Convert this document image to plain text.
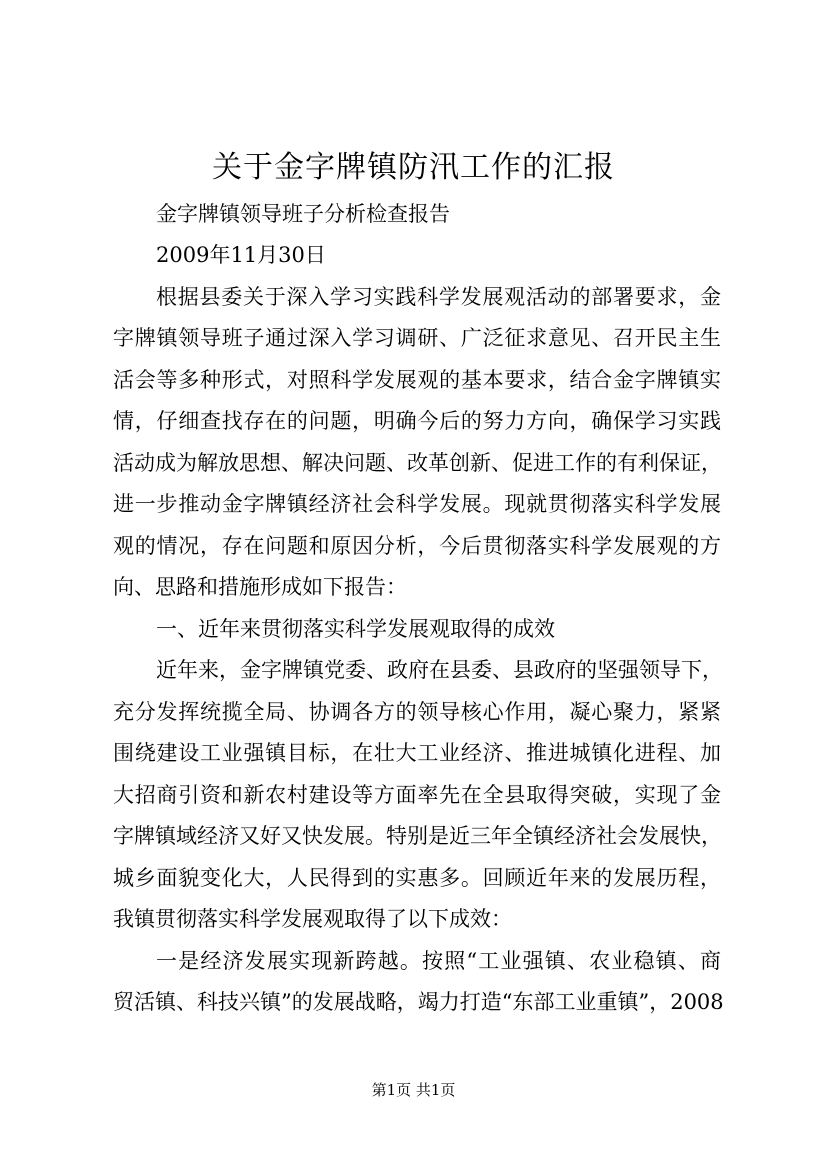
关于金字牌镇防汛工作的汇报
金字牌镇领导班子分析检查报告
2009年11月30日
根据县委关于深入学习实践科学发展观活动的部署要求，金
字牌镇领导班子通过深入学习调研、广泛征求意见、召开民主生
活会等多种形式，对照科学发展观的基本要求，结合金字牌镇实
情，仔细查找存在的问题，明确今后的努力方向，确保学习实践
活动成为解放思想、解决问题、改革创新、促进工作的有利保证，
进一步推动金字牌镇经济社会科学发展。现就贯彻落实科学发展
观的情况，存在问题和原因分析，今后贯彻落实科学发展观的方
向、思路和措施形成如下报告：
一、近年来贯彻落实科学发展观取得的成效
近年来，金字牌镇党委、政府在县委、县政府的坚强领导下，
充分发挥统揽全局、协调各方的领导核心作用，凝心聚力，紧紧
围绕建设工业强镇目标，在壮大工业经济、推进城镇化进程、加
大招商引资和新农村建设等方面率先在全县取得突破，实现了金
字牌镇域经济又好又快发展。特别是近三年全镇经济社会发展快，
城乡面貌变化大，人民得到的实惠多。回顾近年来的发展历程，
我镇贯彻落实科学发展观取得了以下成效：
一是经济发展实现新跨越。按照“工业强镇、农业稳镇、商
贸活镇、科技兴镇”的发展战略，竭力打造“东部工业重镇”，2008
第1页 共1页
